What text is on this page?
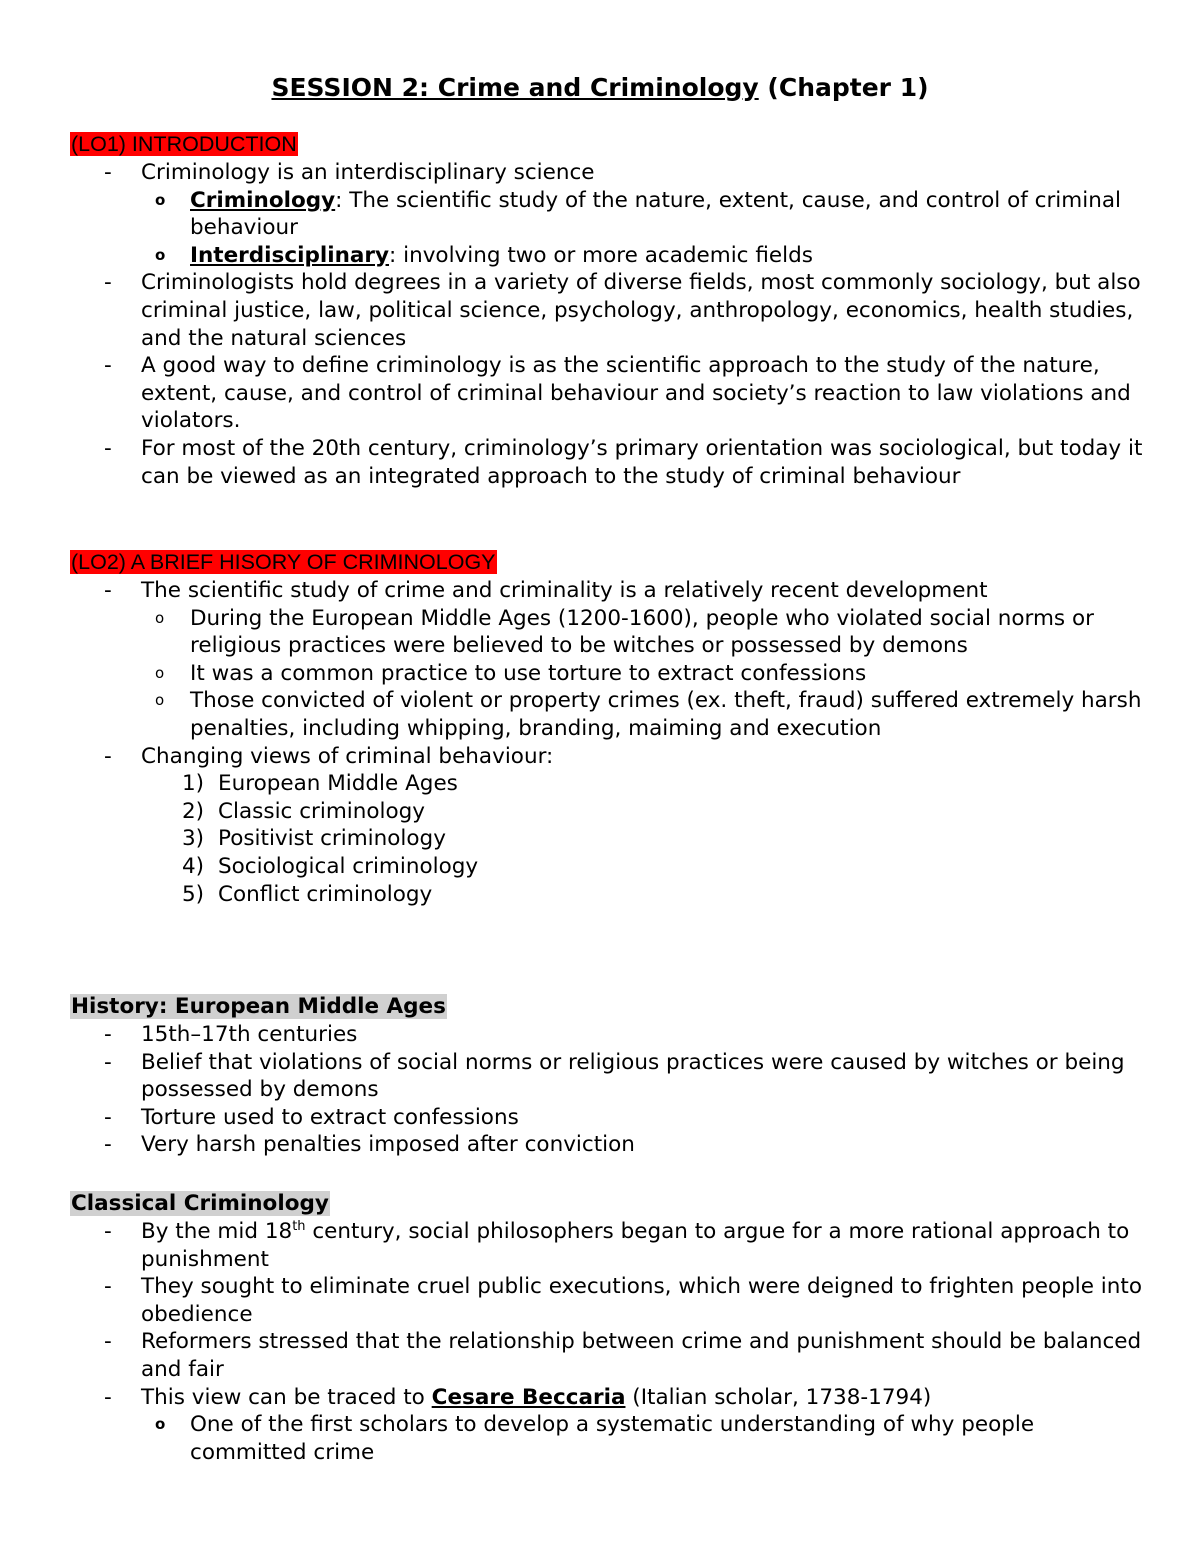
SESSION 2: Crime and Criminology (Chapter 1)
(LO1) INTRODUCTION
- Criminology is an interdisciplinary science
o Criminology: The scientific study of the nature, extent, cause, and control of criminal behaviour
o Interdisciplinary: involving two or more academic fields
- Criminologists hold degrees in a variety of diverse fields, most commonly sociology, but also criminal justice, law, political science, psychology, anthropology, economics, health studies, and the natural sciences
- A good way to define criminology is as the scientific approach to the study of the nature, extent, cause, and control of criminal behaviour and society’s reaction to law violations and violators.
- For most of the 20th century, criminology’s primary orientation was sociological, but today it can be viewed as an integrated approach to the study of criminal behaviour
(LO2) A BRIEF HISORY OF CRIMINOLOGY
- The scientific study of crime and criminality is a relatively recent development
o During the European Middle Ages (1200-1600), people who violated social norms or religious practices were believed to be witches or possessed by demons
o It was a common practice to use torture to extract confessions
o Those convicted of violent or property crimes (ex. theft, fraud) suffered extremely harsh penalties, including whipping, branding, maiming and execution
- Changing views of criminal behaviour:
1) European Middle Ages
2) Classic criminology
3) Positivist criminology
4) Sociological criminology
5) Conflict criminology
History: European Middle Ages
- 15th–17th centuries
- Belief that violations of social norms or religious practices were caused by witches or being possessed by demons
- Torture used to extract confessions
- Very harsh penalties imposed after conviction
Classical Criminology
- By the mid 18th century, social philosophers began to argue for a more rational approach to punishment
- They sought to eliminate cruel public executions, which were deigned to frighten people into obedience
- Reformers stressed that the relationship between crime and punishment should be balanced and fair
- This view can be traced to Cesare Beccaria (Italian scholar, 1738-1794)
o One of the first scholars to develop a systematic understanding of why people committed crime
